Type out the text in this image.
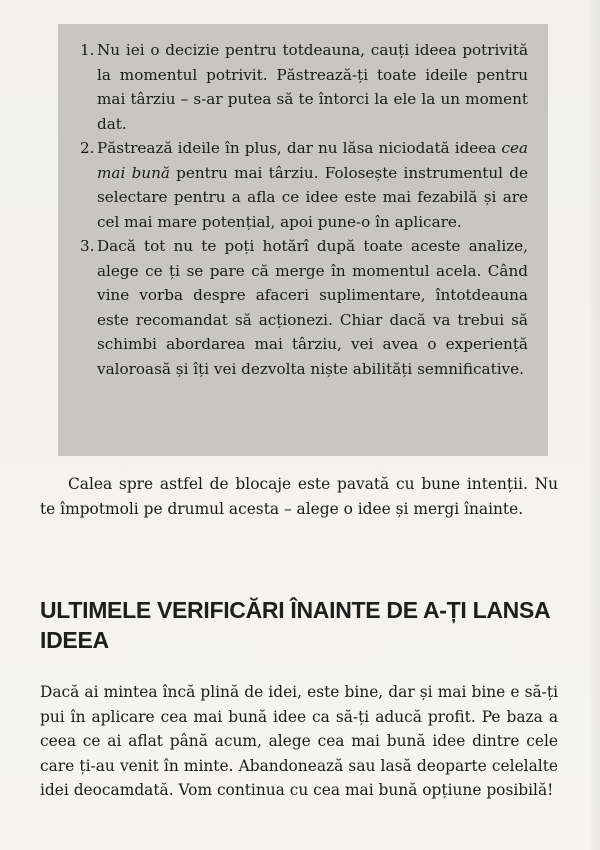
1. Nu iei o decizie pentru totdeauna, cauți ideea potrivită la momentul potrivit. Păstrează-ți toate ideile pentru mai târziu – s-ar putea să te întorci la ele la un moment dat.
2. Păstrează ideile în plus, dar nu lăsa niciodată ideea cea mai bună pentru mai târziu. Folosește instrumentul de selectare pentru a afla ce idee este mai fezabilă și are cel mai mare potențial, apoi pune-o în aplicare.
3. Dacă tot nu te poți hotărî după toate aceste analize, alege ce ți se pare că merge în momentul acela. Când vine vorba despre afaceri suplimentare, întotdeauna este recomandat să acționezi. Chiar dacă va trebui să schimbi abordarea mai târziu, vei avea o experiență valoroasă și îți vei dezvolta niște abilități semnificative.

Calea spre astfel de blocaje este pavată cu bune intenții. Nu te împotmoli pe drumul acesta – alege o idee și mergi înainte.

ULTIMELE VERIFICĂRI ÎNAINTE DE A-ȚI LANSA IDEEA

Dacă ai mintea încă plină de idei, este bine, dar și mai bine e să-ți pui în aplicare cea mai bună idee ca să-ți aducă profit. Pe baza a ceea ce ai aflat până acum, alege cea mai bună idee dintre cele care ți-au venit în minte. Abandonează sau lasă deoparte celelalte idei deocamdată. Vom continua cu cea mai bună opțiune posibilă!
